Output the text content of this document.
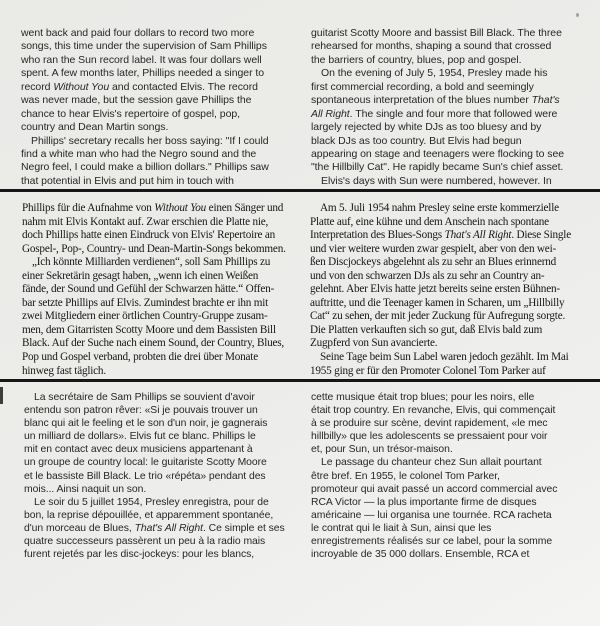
went back and paid four dollars to record two more
songs, this time under the supervision of Sam Phillips
who ran the Sun record label. It was four dollars well
spent. A few months later, Phillips needed a singer to
record Without You and contacted Elvis. The record
was never made, but the session gave Phillips the
chance to hear Elvis's repertoire of gospel, pop,
country and Dean Martin songs.
Phillips' secretary recalls her boss saying: "If I could
find a white man who had the Negro sound and the
Negro feel, I could make a billion dollars." Phillips saw
that potential in Elvis and put him in touch with
guitarist Scotty Moore and bassist Bill Black. The three
rehearsed for months, shaping a sound that crossed
the barriers of country, blues, pop and gospel.
On the evening of July 5, 1954, Presley made his
first commercial recording, a bold and seemingly
spontaneous interpretation of the blues number That's
All Right. The single and four more that followed were
largely rejected by white DJs as too bluesy and by
black DJs as too country. But Elvis had begun
appearing on stage and teenagers were flocking to see
"the Hillbilly Cat". He rapidly became Sun's chief asset.
Elvis's days with Sun were numbered, however. In
Phillips für die Aufnahme von Without You einen Sänger und
nahm mit Elvis Kontakt auf. Zwar erschien die Platte nie,
doch Phillips hatte einen Eindruck von Elvis' Repertoire an
Gospel-, Pop-, Country- und Dean-Martin-Songs bekommen.
„Ich könnte Milliarden verdienen“, soll Sam Phillips zu
einer Sekretärin gesagt haben, „wenn ich einen Weißen
fände, der Sound und Gefühl der Schwarzen hätte.“ Offen-
bar setzte Phillips auf Elvis. Zumindest brachte er ihn mit
zwei Mitgliedern einer örtlichen Country-Gruppe zusam-
men, dem Gitarristen Scotty Moore und dem Bassisten Bill
Black. Auf der Suche nach einem Sound, der Country, Blues,
Pop und Gospel verband, probten die drei über Monate
hinweg fast täglich.
Am 5. Juli 1954 nahm Presley seine erste kommerzielle
Platte auf, eine kühne und dem Anschein nach spontane
Interpretation des Blues-Songs That's All Right. Diese Single
und vier weitere wurden zwar gespielt, aber von den wei-
ßen Discjockeys abgelehnt als zu sehr an Blues erinnernd
und von den schwarzen DJs als zu sehr an Country an-
gelehnt. Aber Elvis hatte jetzt bereits seine ersten Bühnen-
auftritte, und die Teenager kamen in Scharen, um „Hillbilly
Cat“ zu sehen, der mit jeder Zuckung für Aufregung sorgte.
Die Platten verkauften sich so gut, daß Elvis bald zum
Zugpferd von Sun avancierte.
Seine Tage beim Sun Label waren jedoch gezählt. Im Mai
1955 ging er für den Promoter Colonel Tom Parker auf
La secrétaire de Sam Phillips se souvient d'avoir
entendu son patron rêver: «Si je pouvais trouver un
blanc qui ait le feeling et le son d'un noir, je gagnerais
un milliard de dollars». Elvis fut ce blanc. Phillips le
mit en contact avec deux musiciens appartenant à
un groupe de country local: le guitariste Scotty Moore
et le bassiste Bill Black. Le trio «répéta» pendant des
mois... Ainsi naquit un son.
Le soir du 5 juillet 1954, Presley enregistra, pour de
bon, la reprise dépouillée, et apparemment spontanée,
d'un morceau de Blues, That's All Right. Ce simple et ses
quatre successeurs passèrent un peu à la radio mais
furent rejetés par les disc-jockeys: pour les blancs,
cette musique était trop blues; pour les noirs, elle
était trop country. En revanche, Elvis, qui commençait
à se produire sur scène, devint rapidement, «le mec
hillbilly» que les adolescents se pressaient pour voir
et, pour Sun, un trésor-maison.
Le passage du chanteur chez Sun allait pourtant
être bref. En 1955, le colonel Tom Parker,
promoteur qui avait passé un accord commercial avec
RCA Victor — la plus importante firme de disques
américaine — lui organisa une tournée. RCA racheta
le contrat qui le liait à Sun, ainsi que les
enregistrements réalisés sur ce label, pour la somme
incroyable de 35 000 dollars. Ensemble, RCA et
